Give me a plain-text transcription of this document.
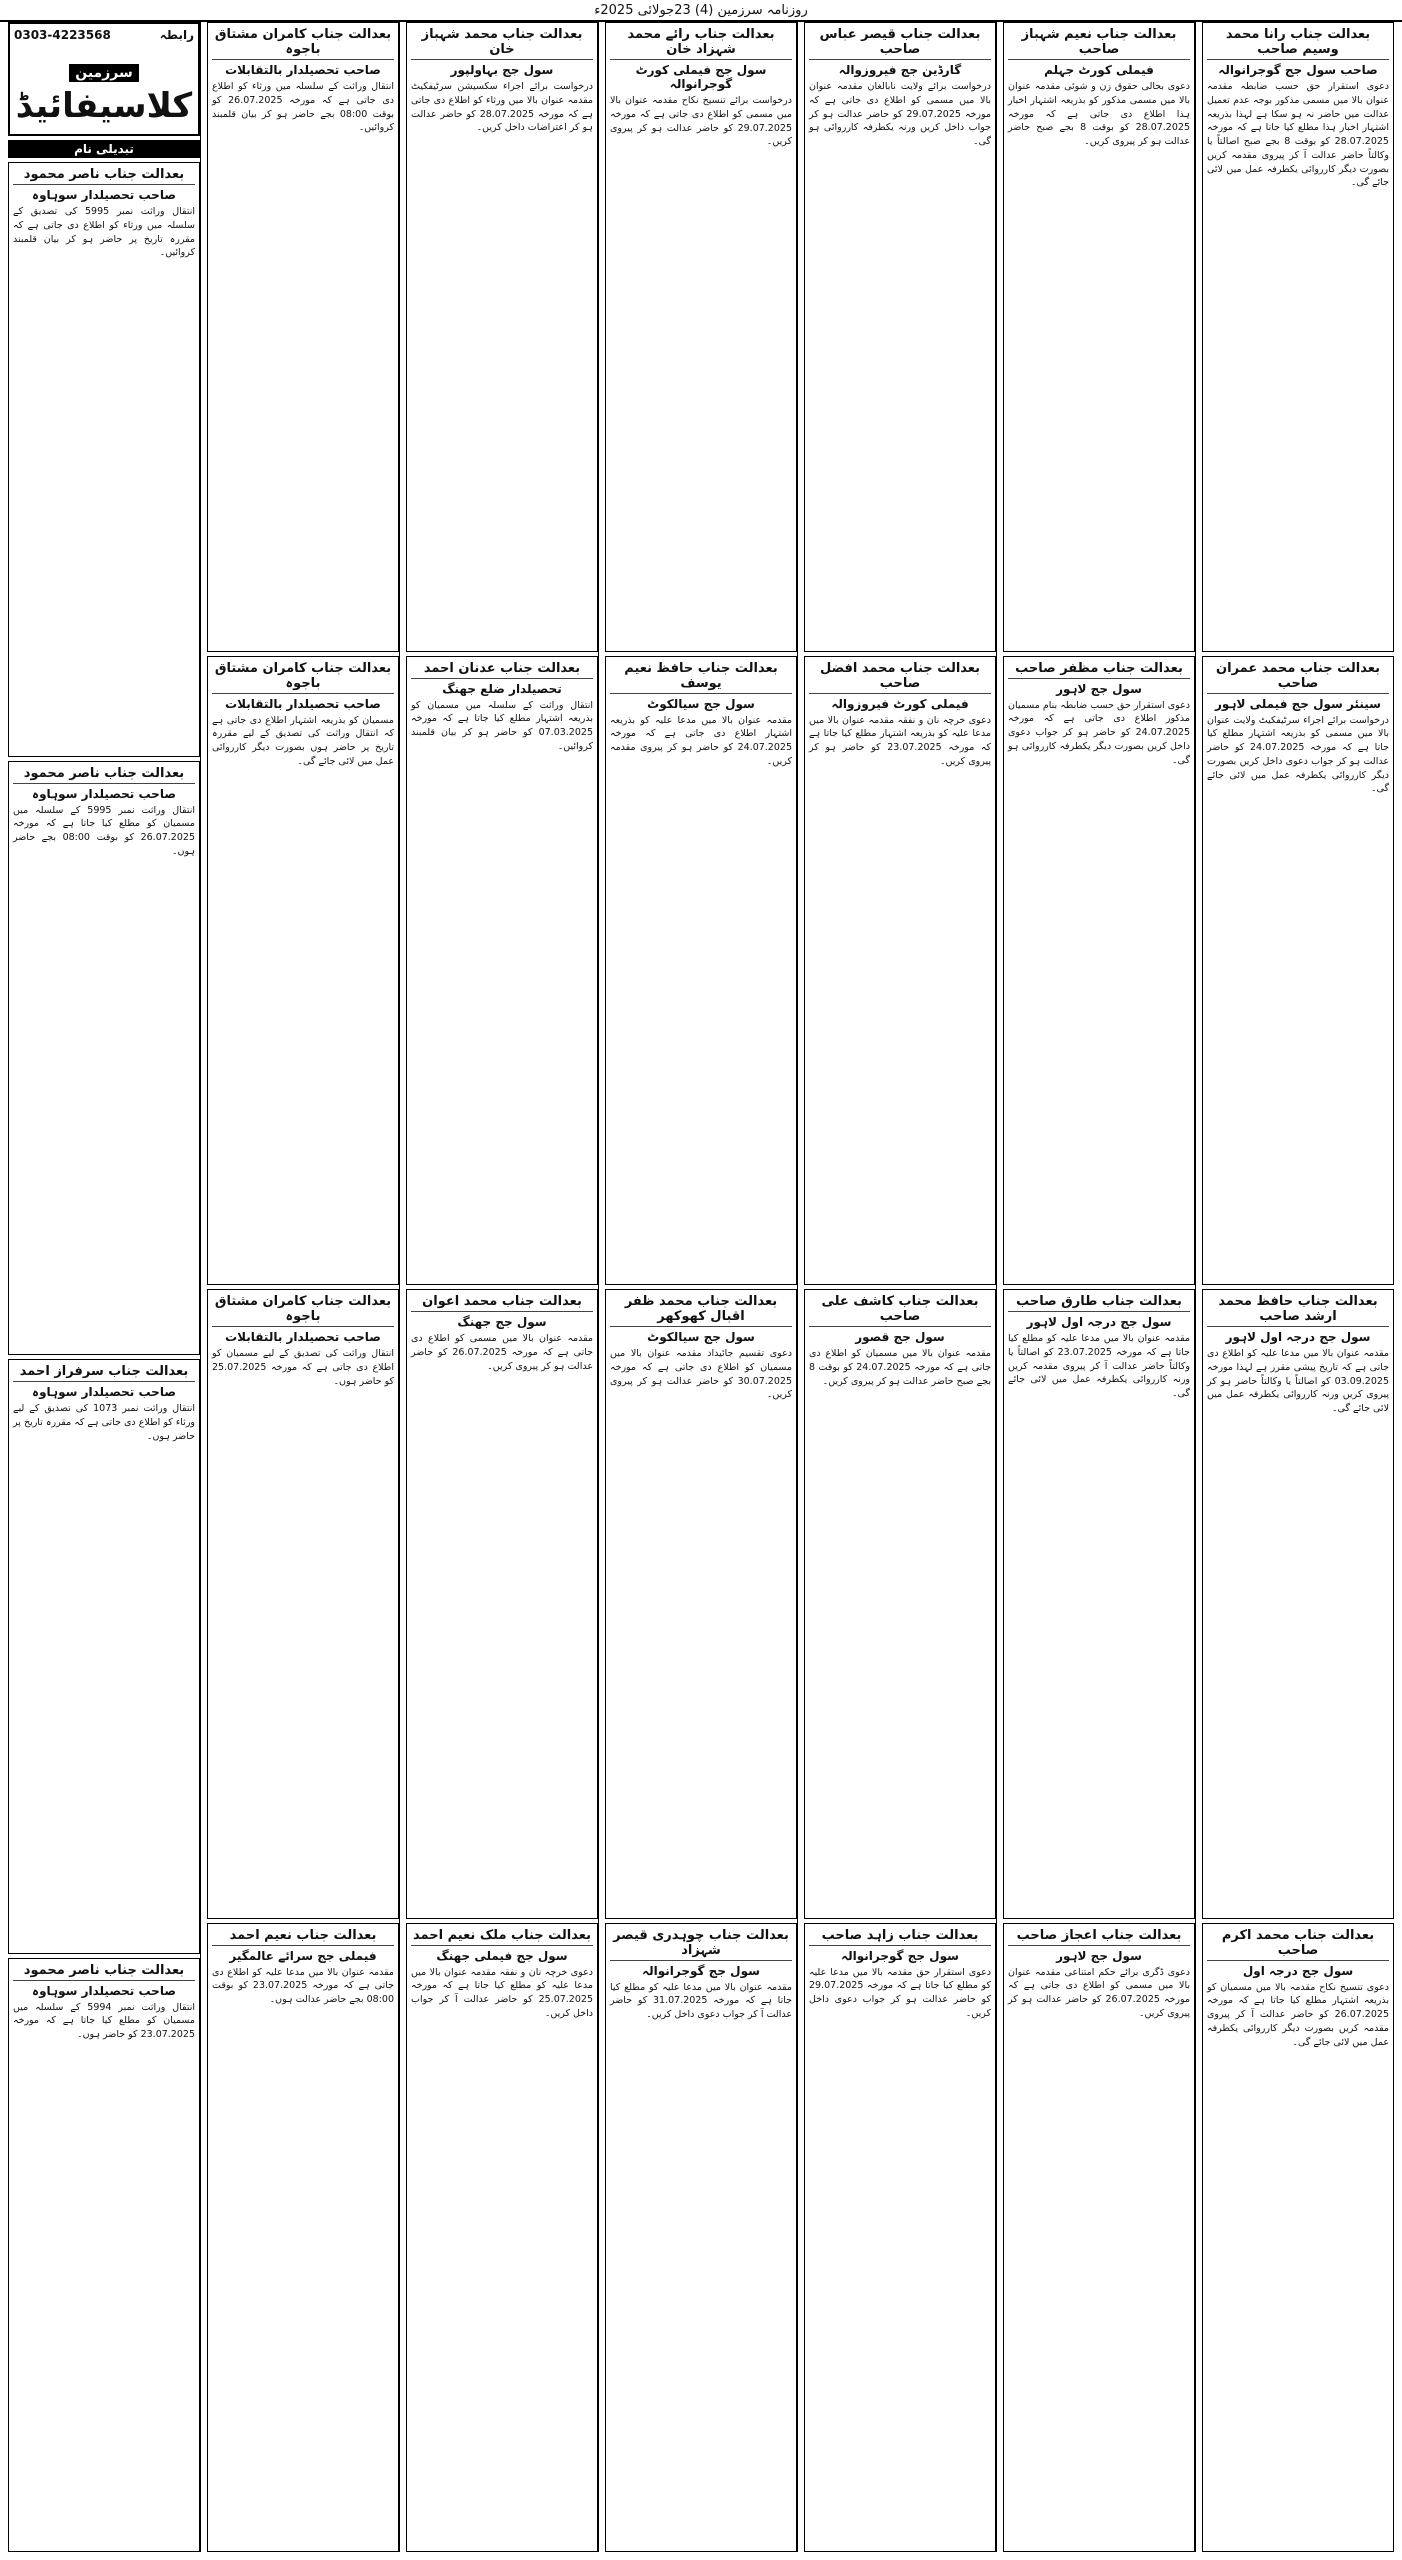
روزنامہ سرزمین (4) 23جولائی 2025ء
بعدالت جناب رانا محمد وسیم صاحب
صاحب سول جج گوجرانوالہ
دعوی استقرار حق حسب ضابطہ مقدمہ عنوان بالا میں مسمی مذکور بوجہ عدم تعمیل عدالت میں حاضر نہ ہو سکا ہے لہذا بذریعہ اشتہار اخبار ہذا مطلع کیا جاتا ہے کہ مورخہ 28.07.2025 کو بوقت 8 بجے صبح اصالتاً یا وکالتاً حاضر عدالت آ کر پیروی مقدمہ کریں بصورت دیگر کارروائی یکطرفہ عمل میں لائی جائے گی۔
بعدالت جناب محمد عمران صاحب
سینئر سول جج فیملی لاہور
درخواست برائے اجراء سرٹیفکیٹ ولایت عنوان بالا میں مسمی کو بذریعہ اشتہار مطلع کیا جاتا ہے کہ مورخہ 24.07.2025 کو حاضر عدالت ہو کر جواب دعوی داخل کریں بصورت دیگر کارروائی یکطرفہ عمل میں لائی جائے گی۔
بعدالت جناب حافظ محمد ارشد صاحب
سول جج درجہ اول لاہور
مقدمہ عنوان بالا میں مدعا علیہ کو اطلاع دی جاتی ہے کہ تاریخ پیشی مقرر ہے لہذا مورخہ 03.09.2025 کو اصالتاً یا وکالتاً حاضر ہو کر پیروی کریں ورنہ کارروائی یکطرفہ عمل میں لائی جائے گی۔
بعدالت جناب محمد اکرم صاحب
سول جج درجہ اول
دعوی تنسیخ نکاح مقدمہ بالا میں مسمیان کو بذریعہ اشتہار مطلع کیا جاتا ہے کہ مورخہ 26.07.2025 کو حاضر عدالت آ کر پیروی مقدمہ کریں بصورت دیگر کارروائی یکطرفہ عمل میں لائی جائے گی۔
بعدالت جناب نعیم شہباز صاحب
فیملی کورٹ جہلم
دعوی بحالی حقوق زن و شوئی مقدمہ عنوان بالا میں مسمی مذکور کو بذریعہ اشتہار اخبار ہذا اطلاع دی جاتی ہے کہ مورخہ 28.07.2025 کو بوقت 8 بجے صبح حاضر عدالت ہو کر پیروی کریں۔
بعدالت جناب مظفر صاحب
سول جج لاہور
دعوی استقرار حق حسب ضابطہ بنام مسمیان مذکور اطلاع دی جاتی ہے کہ مورخہ 24.07.2025 کو حاضر ہو کر جواب دعوی داخل کریں بصورت دیگر یکطرفہ کارروائی ہو گی۔
بعدالت جناب طارق صاحب
سول جج درجہ اول لاہور
مقدمہ عنوان بالا میں مدعا علیہ کو مطلع کیا جاتا ہے کہ مورخہ 23.07.2025 کو اصالتاً یا وکالتاً حاضر عدالت آ کر پیروی مقدمہ کریں ورنہ کارروائی یکطرفہ عمل میں لائی جائے گی۔
بعدالت جناب اعجاز صاحب
سول جج لاہور
دعوی ڈگری برائے حکم امتناعی مقدمہ عنوان بالا میں مسمی کو اطلاع دی جاتی ہے کہ مورخہ 26.07.2025 کو حاضر عدالت ہو کر پیروی کریں۔
بعدالت جناب قیصر عباس صاحب
گارڈین جج فیروزوالہ
درخواست برائے ولایت نابالغان مقدمہ عنوان بالا میں مسمی کو اطلاع دی جاتی ہے کہ مورخہ 29.07.2025 کو حاضر عدالت ہو کر جواب داخل کریں ورنہ یکطرفہ کارروائی ہو گی۔
بعدالت جناب محمد افضل صاحب
فیملی کورٹ فیروزوالہ
دعوی خرچہ نان و نفقہ مقدمہ عنوان بالا میں مدعا علیہ کو بذریعہ اشتہار مطلع کیا جاتا ہے کہ مورخہ 23.07.2025 کو حاضر ہو کر پیروی کریں۔
بعدالت جناب کاشف علی صاحب
سول جج قصور
مقدمہ عنوان بالا میں مسمیان کو اطلاع دی جاتی ہے کہ مورخہ 24.07.2025 کو بوقت 8 بجے صبح حاضر عدالت ہو کر پیروی کریں۔
بعدالت جناب زاہد صاحب
سول جج گوجرانوالہ
دعوی استقرار حق مقدمہ بالا میں مدعا علیہ کو مطلع کیا جاتا ہے کہ مورخہ 29.07.2025 کو حاضر عدالت ہو کر جواب دعوی داخل کریں۔
بعدالت جناب رائے محمد شہزاد خان
سول جج فیملی کورٹ گوجرانوالہ
درخواست برائے تنسیخ نکاح مقدمہ عنوان بالا میں مسمی کو اطلاع دی جاتی ہے کہ مورخہ 29.07.2025 کو حاضر عدالت ہو کر پیروی کریں۔
بعدالت جناب حافظ نعیم یوسف
سول جج سیالکوٹ
مقدمہ عنوان بالا میں مدعا علیہ کو بذریعہ اشتہار اطلاع دی جاتی ہے کہ مورخہ 24.07.2025 کو حاضر ہو کر پیروی مقدمہ کریں۔
بعدالت جناب محمد ظفر اقبال کھوکھر
سول جج سیالکوٹ
دعوی تقسیم جائیداد مقدمہ عنوان بالا میں مسمیان کو اطلاع دی جاتی ہے کہ مورخہ 30.07.2025 کو حاضر عدالت ہو کر پیروی کریں۔
بعدالت جناب چوہدری قیصر شہزاد
سول جج گوجرانوالہ
مقدمہ عنوان بالا میں مدعا علیہ کو مطلع کیا جاتا ہے کہ مورخہ 31.07.2025 کو حاضر عدالت آ کر جواب دعوی داخل کریں۔
بعدالت جناب محمد شہباز خان
سول جج بہاولپور
درخواست برائے اجراء سکسیشن سرٹیفکیٹ مقدمہ عنوان بالا میں ورثاء کو اطلاع دی جاتی ہے کہ مورخہ 28.07.2025 کو حاضر عدالت ہو کر اعتراضات داخل کریں۔
بعدالت جناب عدنان احمد
تحصیلدار ضلع جھنگ
انتقال وراثت کے سلسلہ میں مسمیان کو بذریعہ اشتہار مطلع کیا جاتا ہے کہ مورخہ 07.03.2025 کو حاضر ہو کر بیان قلمبند کروائیں۔
بعدالت جناب محمد اعوان
سول جج جھنگ
مقدمہ عنوان بالا میں مسمی کو اطلاع دی جاتی ہے کہ مورخہ 26.07.2025 کو حاضر عدالت ہو کر پیروی کریں۔
بعدالت جناب ملک نعیم احمد
سول جج فیملی جھنگ
دعوی خرچہ نان و نفقہ مقدمہ عنوان بالا میں مدعا علیہ کو مطلع کیا جاتا ہے کہ مورخہ 25.07.2025 کو حاضر عدالت آ کر جواب داخل کریں۔
بعدالت جناب کامران مشتاق باجوہ
صاحب تحصیلدار بالتقابلات
انتقال وراثت کے سلسلہ میں ورثاء کو اطلاع دی جاتی ہے کہ مورخہ 26.07.2025 کو بوقت 08:00 بجے حاضر ہو کر بیان قلمبند کروائیں۔
بعدالت جناب کامران مشتاق باجوہ
صاحب تحصیلدار بالتقابلات
مسمیان کو بذریعہ اشتہار اطلاع دی جاتی ہے کہ انتقال وراثت کی تصدیق کے لیے مقررہ تاریخ پر حاضر ہوں بصورت دیگر کارروائی عمل میں لائی جائے گی۔
بعدالت جناب کامران مشتاق باجوہ
صاحب تحصیلدار بالتقابلات
انتقال وراثت کی تصدیق کے لیے مسمیان کو اطلاع دی جاتی ہے کہ مورخہ 25.07.2025 کو حاضر ہوں۔
بعدالت جناب نعیم احمد
فیملی جج سرائے عالمگیر
مقدمہ عنوان بالا میں مدعا علیہ کو اطلاع دی جاتی ہے کہ مورخہ 23.07.2025 کو بوقت 08:00 بجے حاضر عدالت ہوں۔
رابطہ
0303-4223568
سرزمین
کلاسیفائیڈ
تبدیلی نام
بعدالت جناب ناصر محمود
صاحب تحصیلدار سوہاوہ
انتقال وراثت نمبر 5995 کی تصدیق کے سلسلہ میں ورثاء کو اطلاع دی جاتی ہے کہ مقررہ تاریخ پر حاضر ہو کر بیان قلمبند کروائیں۔
بعدالت جناب ناصر محمود
صاحب تحصیلدار سوہاوہ
انتقال وراثت نمبر 5995 کے سلسلہ میں مسمیان کو مطلع کیا جاتا ہے کہ مورخہ 26.07.2025 کو بوقت 08:00 بجے حاضر ہوں۔
بعدالت جناب سرفراز احمد
صاحب تحصیلدار سوہاوہ
انتقال وراثت نمبر 1073 کی تصدیق کے لیے ورثاء کو اطلاع دی جاتی ہے کہ مقررہ تاریخ پر حاضر ہوں۔
بعدالت جناب ناصر محمود
صاحب تحصیلدار سوہاوہ
انتقال وراثت نمبر 5994 کے سلسلہ میں مسمیان کو مطلع کیا جاتا ہے کہ مورخہ 23.07.2025 کو حاضر ہوں۔
